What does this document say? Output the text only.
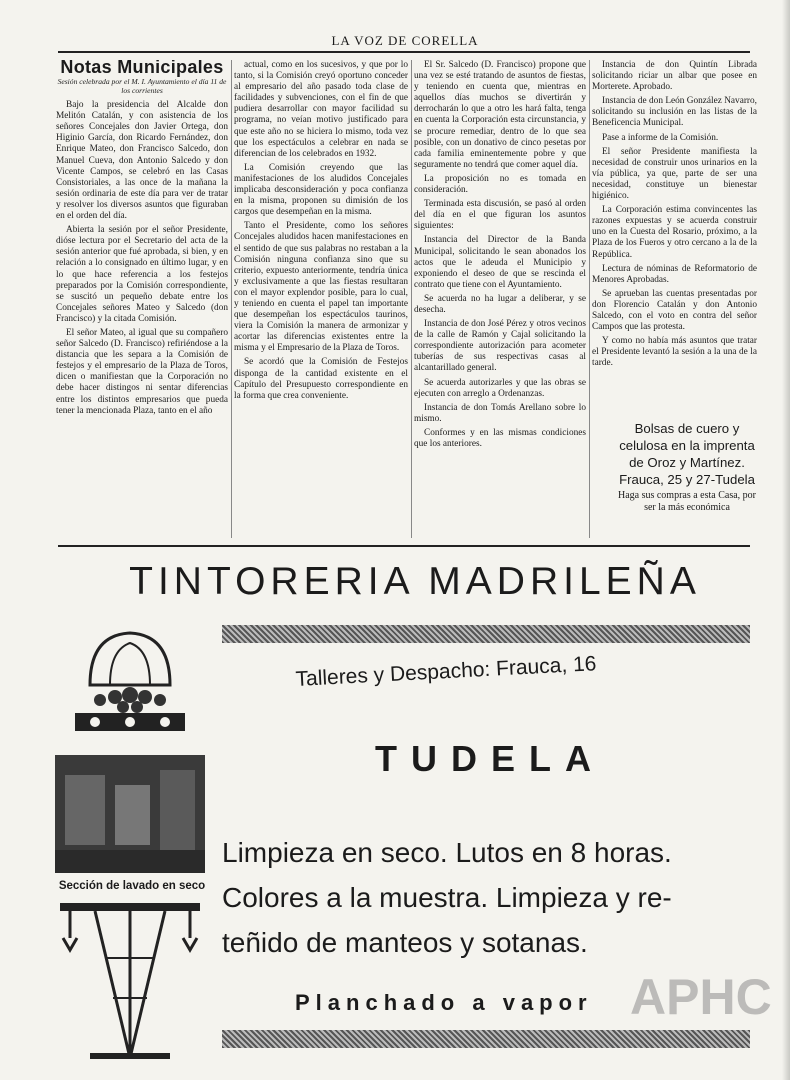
LA VOZ DE CORELLA
Notas Municipales
Sesión celebrada por el M. I. Ayuntamiento el día 11 de los corrientes

Bajo la presidencia del Alcalde don Melitón Catalán, y con asistencia de los señores Concejales don Javier Ortega, don Higinio García, don Ricardo Fernández, don Enrique Mateo, don Francisco Salcedo, don Manuel Cueva, don Antonio Salcedo y don Vicente Campos, se celebró en las Casas Consistoriales, a las once de la mañana la sesión ordinaria de este día para ver de tratar y resolver los diversos asuntos que figuraban en el orden del día.

Abierta la sesión por el señor Presidente, dióse lectura por el Secretario del acta de la sesión anterior que fué aprobada, si bien, y en relación a lo consignado en último lugar, y en lo que hace referencia a los festejos preparados por la Comisión correspondiente, se suscitó un pequeño debate entre los Concejales señores Mateo y Salcedo (don Francisco) y la citada Comisión.

El señor Mateo, al igual que su compañero señor Salcedo (D. Francisco) refiriéndose a la distancia que les separa a la Comisión de festejos y el empresario de la Plaza de Toros, dicen o manifiestan que la Corporación no debe hacer distingos ni sentar diferencias entre los distintos empresarios que pueda tener la mencionada Plaza, tanto en el año

actual, como en los sucesivos, y que por lo tanto, si la Comisión creyó oportuno conceder al empresario del año pasado toda clase de facilidades y subvenciones, con el fin de que pudiera desarrollar con mayor facilidad su programa, no veían motivo justificado para que este año no se hiciera lo mismo, toda vez que los espectáculos a celebrar en nada se diferencian de los celebrados en 1932.

La Comisión creyendo que las manifestaciones de los aludidos Concejales implicaba desconsideración y poca confianza en la misma, proponen su dimisión de los cargos que desempeñan en la misma.

Tanto el Presidente, como los señores Concejales aludidos hacen manifestaciones en el sentido de que sus palabras no restaban a la Comisión ninguna confianza sino que su criterio, expuesto anteriormente, tendría única y exclusivamente a que las fiestas resultaran con el mayor explendor posible, para lo cual, y teniendo en cuenta el papel tan importante que desempeñan los espectáculos taurinos, viera la Comisión la manera de armonizar y acortar las diferencias existentes entre la misma y el Empresario de la Plaza de Toros.

Se acordó que la Comisión de Festejos disponga de la cantidad existente en el Capítulo del Presupuesto correspondiente en la forma que crea conveniente.

El Sr. Salcedo (D. Francisco) propone que una vez se esté tratando de asuntos de fiestas, y teniendo en cuenta que, mientras en aquellos días muchos se divertirán y derrocharán lo que a otro les hará falta, tenga en cuenta la Corporación esta circunstancia, y se procure remediar, dentro de lo que sea posible, con un donativo de cinco pesetas por cada familia eminentemente pobre y que seguramente no tendrá que comer aquel día.

La proposición no es tomada en consideración.

Terminada esta discusión, se pasó al orden del día en el que figuran los asuntos siguientes:

Instancia del Director de la Banda Municipal, solicitando le sean abonados los actos que le adeuda el Municipio y exponiendo el deseo de que se rescinda el contrato que tiene con el Ayuntamiento.

Se acuerda no ha lugar a deliberar, y se desecha.

Instancia de don José Pérez y otros vecinos de la calle de Ramón y Cajal solicitando la correspondiente autorización para acometer tuberías de sus respectivas casas al alcantarillado general.

Se acuerda autorizarles y que las obras se ejecuten con arreglo a Ordenanzas.

Instancia de don Tomás Arellano sobre lo mismo.

Conformes y en las mismas condiciones que los anteriores.

Instancia de don Quintín Librada solicitando riciar un albar que posee en Morterete. Aprobado.

Instancia de don León González Navarro, solicitando su inclusión en las listas de la Beneficencia Municipal.

Pase a informe de la Comisión.

El señor Presidente manifiesta la necesidad de construir unos urinarios en la vía pública, ya que, parte de ser una necesidad, constituye un bienestar higiénico.

La Corporación estima convincentes las razones expuestas y se acuerda construir uno en la Cuesta del Rosario, próximo, a la Plaza de los Fueros y otro cercano a la de la República.

Lectura de nóminas de Reformatorio de Menores Aprobadas.

Se aprueban las cuentas presentadas por don Florencio Catalán y don Antonio Salcedo, con el voto en contra del señor Campos que las protesta.

Y como no había más asuntos que tratar el Presidente levantó la sesión a la una de la tarde.

Bolsas de cuero y celulosa en la imprenta de Oroz y Martínez. Frauca, 25 y 27-Tudela
Haga sus compras a esta Casa, por ser la más económica
TINTORERIA MADRILEÑA
Sección de lavado en seco
Talleres y Despacho: Frauca, 16
TUDELA
Limpieza en seco. Lutos en 8 horas.
Colores a la muestra. Limpieza y re-
teñido de manteos y sotanas.
Planchado a vapor APHC
